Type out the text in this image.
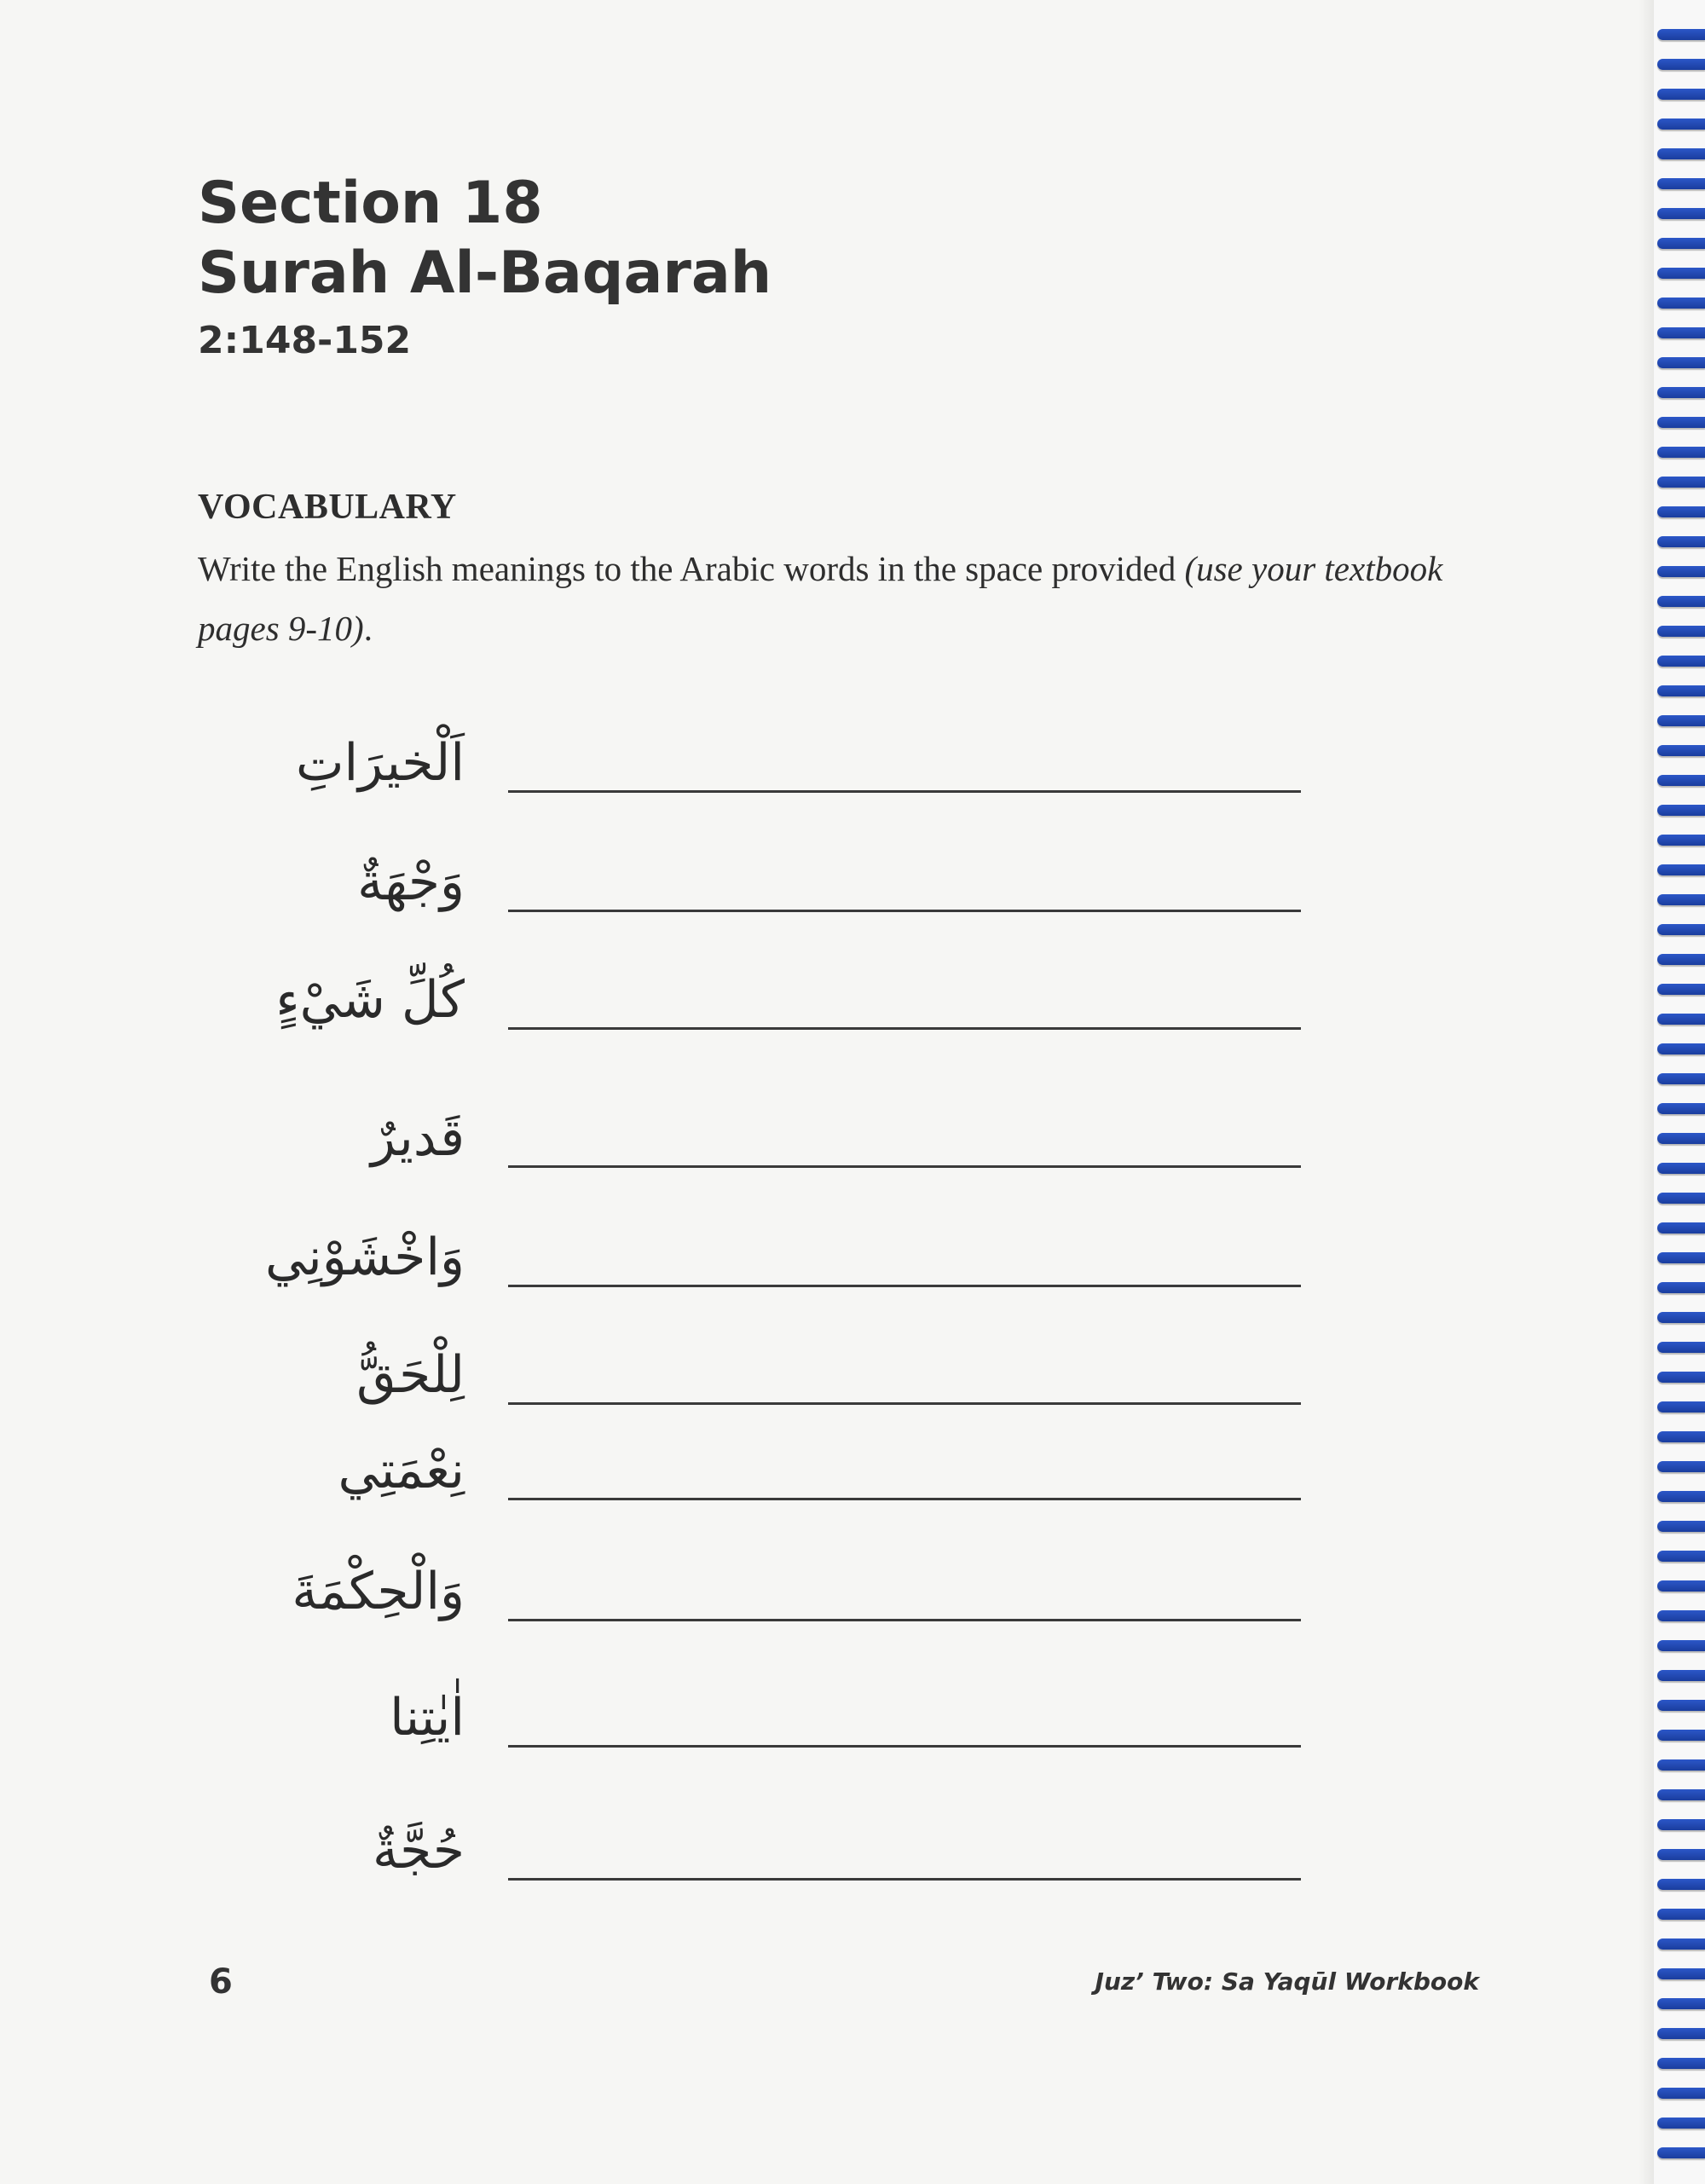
Section 18
Surah Al-Baqarah
2:148-152
VOCABULARY
Write the English meanings to the Arabic words in the space provided (use your textbook pages 9-10).
اَلْخيرَاتِ
وَجْهَةٌ
كُلِّ شَيْءٍ
قَديرٌ
وَاخْشَوْنِي
لِلْحَقُّ
نِعْمَتِي
وَالْحِكْمَةَ
اٰيٰتِنا
حُجَّةٌ
6	Juz’ Two: Sa Yaqūl Workbook
